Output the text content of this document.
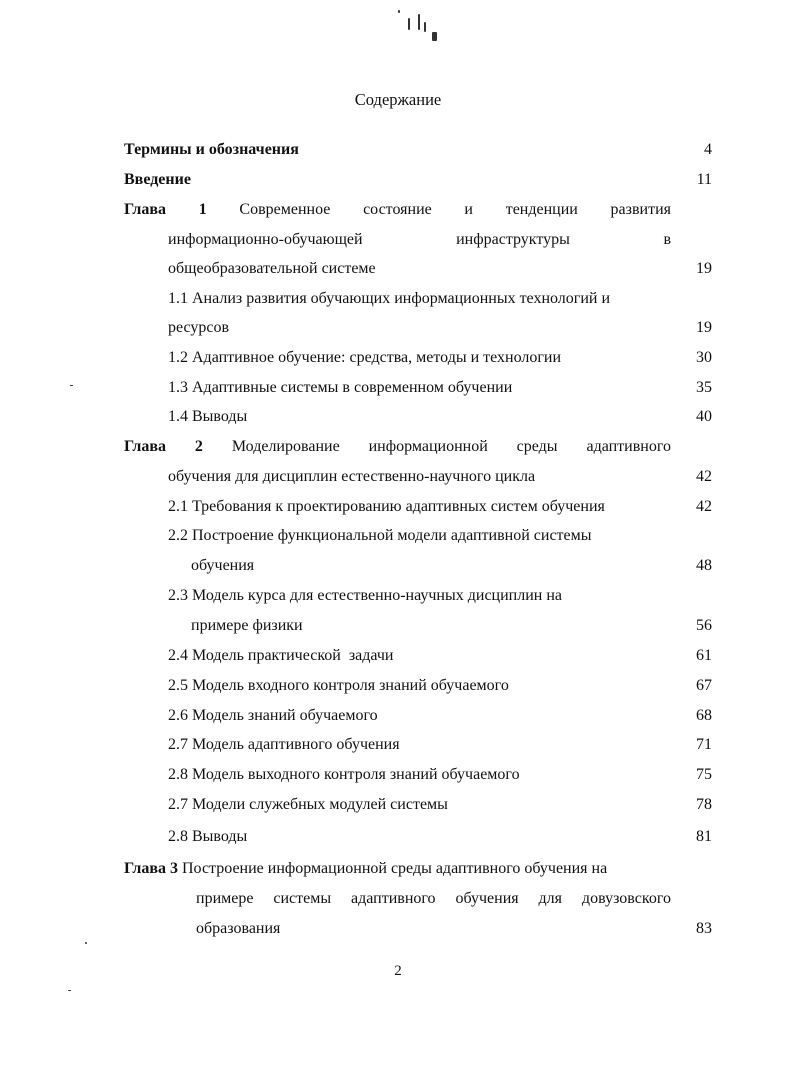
Содержание
Термины и обозначения	4
Введение	11
Глава 1 Современное состояние и тенденции развития
информационно-обучающей инфраструктуры в
общеобразовательной системе	19
1.1 Анализ развития обучающих информационных технологий и
ресурсов	19
1.2 Адаптивное обучение: средства, методы и технологии	30
1.3 Адаптивные системы в современном обучении	35
1.4 Выводы	40
Глава 2 Моделирование информационной среды адаптивного
обучения для дисциплин естественно-научного цикла	42
2.1 Требования к проектированию адаптивных систем обучения	42
2.2 Построение функциональной модели адаптивной системы
обучения	48
2.3 Модель курса для естественно-научных дисциплин на
примере физики	56
2.4 Модель практической  задачи	61
2.5 Модель входного контроля знаний обучаемого	67
2.6 Модель знаний обучаемого	68
2.7 Модель адаптивного обучения	71
2.8 Модель выходного контроля знаний обучаемого	75
2.7 Модели служебных модулей системы	78
2.8 Выводы	81
Глава 3 Построение информационной среды адаптивного обучения на
примере системы адаптивного обучения для довузовского
образования	83
2
